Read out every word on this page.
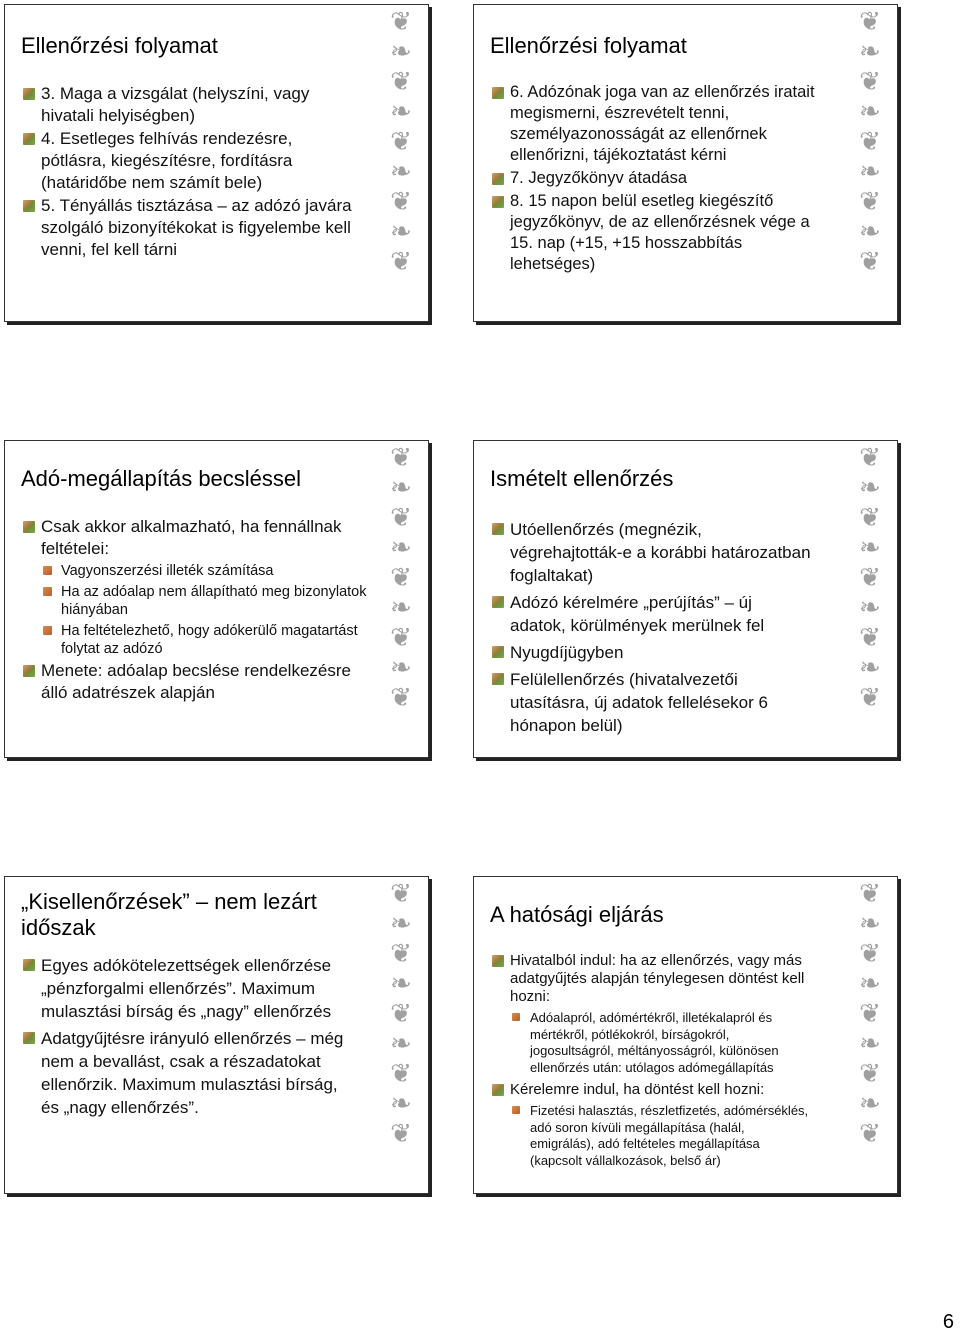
Ellenőrzési folyamat
3. Maga a vizsgálat (helyszíni, vagy hivatali helyiségben)
4. Esetleges felhívás rendezésre, pótlásra, kiegészítésre, fordításra (határidőbe nem számít bele)
5. Tényállás tisztázása – az adózó javára szolgáló bizonyítékokat is figyelembe kell venni, fel kell tárni
❦
❧
❦
❧
❦
❧
❦
❧
❦
Ellenőrzési folyamat
6. Adózónak joga van az ellenőrzés iratait megismerni, észrevételt tenni, személyazonosságát az ellenőrnek ellenőrizni, tájékoztatást kérni
7. Jegyzőkönyv átadása
8. 15 napon belül esetleg kiegészítő jegyzőkönyv, de az ellenőrzésnek vége a 15. nap (+15, +15 hosszabbítás lehetséges)
❦
❧
❦
❧
❦
❧
❦
❧
❦
Adó-megállapítás becsléssel
Csak akkor alkalmazható, ha fennállnak feltételei:
Vagyonszerzési illeték számítása
Ha az adóalap nem állapítható meg bizonylatok hiányában
Ha feltételezhető, hogy adókerülő magatartást folytat az adózó
Menete: adóalap becslése rendelkezésre álló adatrészek alapján
❦
❧
❦
❧
❦
❧
❦
❧
❦
Ismételt ellenőrzés
Utóellenőrzés (megnézik, végrehajtották-e a korábbi határozatban foglaltakat)
Adózó kérelmére „perújítás” – új adatok, körülmények merülnek fel
Nyugdíjügyben
Felülellenőrzés (hivatalvezetői utasításra, új adatok fellelésekor 6 hónapon belül)
❦
❧
❦
❧
❦
❧
❦
❧
❦
„Kisellenőrzések” – nem lezárt időszak
Egyes adókötelezettségek ellenőrzése „pénzforgalmi ellenőrzés”. Maximum mulasztási bírság és „nagy” ellenőrzés
Adatgyűjtésre irányuló ellenőrzés – még nem a bevallást, csak a részadatokat ellenőrzik. Maximum mulasztási bírság, és „nagy ellenőrzés”.
❦
❧
❦
❧
❦
❧
❦
❧
❦
A hatósági eljárás
Hivatalból indul: ha az ellenőrzés, vagy más adatgyűjtés alapján ténylegesen döntést kell hozni:
Adóalapról, adómértékről, illetékalapról és mértékről, pótlékokról, bírságokról, jogosultságról, méltányosságról, különösen ellenőrzés után: utólagos adómegállapítás
Kérelemre indul, ha döntést kell hozni:
Fizetési halasztás, részletfizetés, adómérséklés, adó soron kívüli megállapítása (halál, emigrálás), adó feltételes megállapítása (kapcsolt vállalkozások, belső ár)
❦
❧
❦
❧
❦
❧
❦
❧
❦
6
